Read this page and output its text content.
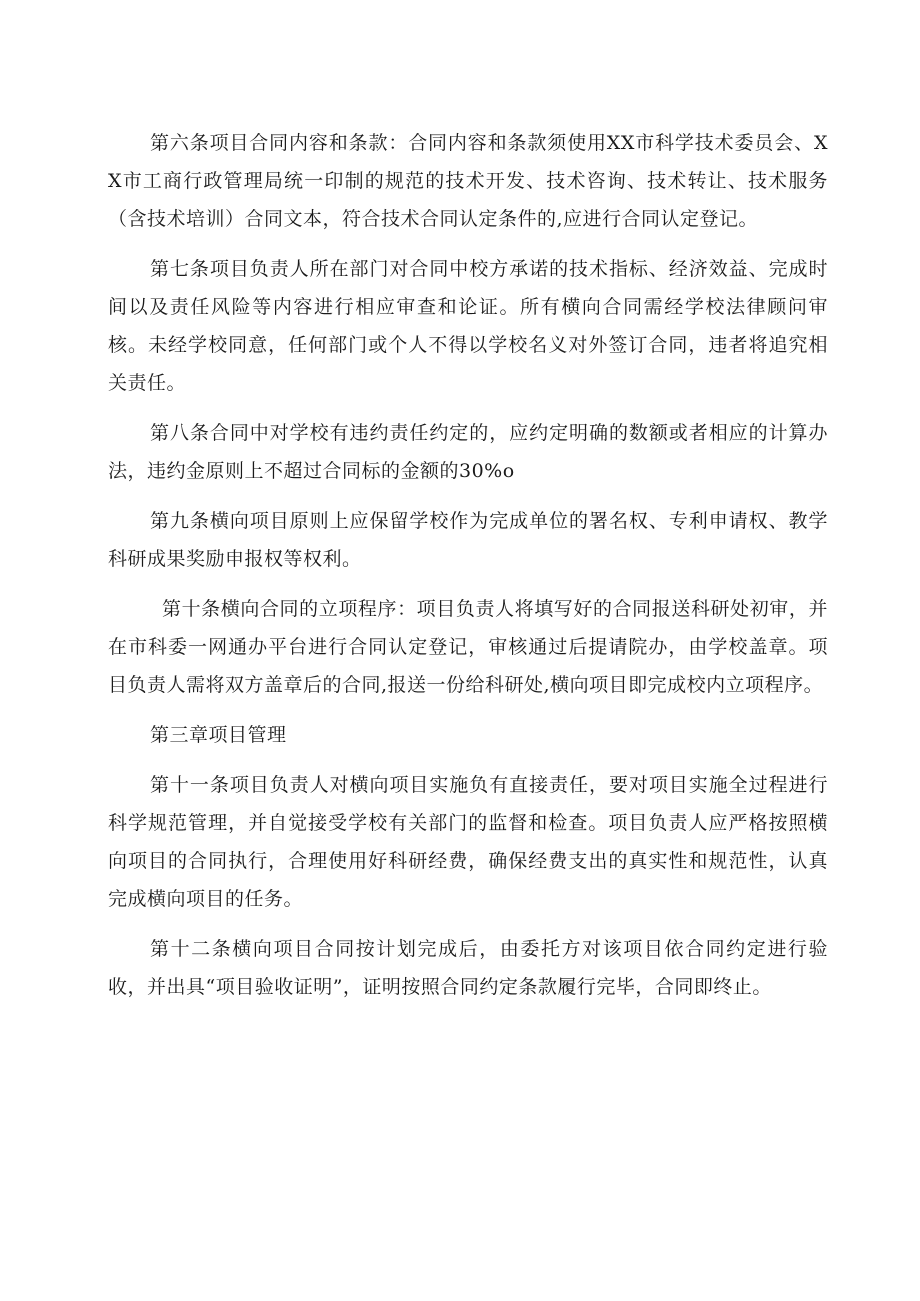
第六条项目合同内容和条款：合同内容和条款须使用XX市科学技术委员会、XX市工商行政管理局统一印制的规范的技术开发、技术咨询、技术转让、技术服务（含技术培训）合同文本，符合技术合同认定条件的,应进行合同认定登记。

第七条项目负责人所在部门对合同中校方承诺的技术指标、经济效益、完成时间以及责任风险等内容进行相应审查和论证。所有横向合同需经学校法律顾问审核。未经学校同意，任何部门或个人不得以学校名义对外签订合同，违者将追究相关责任。

第八条合同中对学校有违约责任约定的，应约定明确的数额或者相应的计算办法，违约金原则上不超过合同标的金额的30%o

第九条横向项目原则上应保留学校作为完成单位的署名权、专利申请权、教学科研成果奖励申报权等权利。

第十条横向合同的立项程序：项目负责人将填写好的合同报送科研处初审，并在市科委一网通办平台进行合同认定登记，审核通过后提请院办，由学校盖章。项目负责人需将双方盖章后的合同,报送一份给科研处,横向项目即完成校内立项程序。

第三章项目管理

第十一条项目负责人对横向项目实施负有直接责任，要对项目实施全过程进行科学规范管理，并自觉接受学校有关部门的监督和检查。项目负责人应严格按照横向项目的合同执行，合理使用好科研经费，确保经费支出的真实性和规范性，认真完成横向项目的任务。

第十二条横向项目合同按计划完成后，由委托方对该项目依合同约定进行验收，并出具“项目验收证明”，证明按照合同约定条款履行完毕，合同即终止。
